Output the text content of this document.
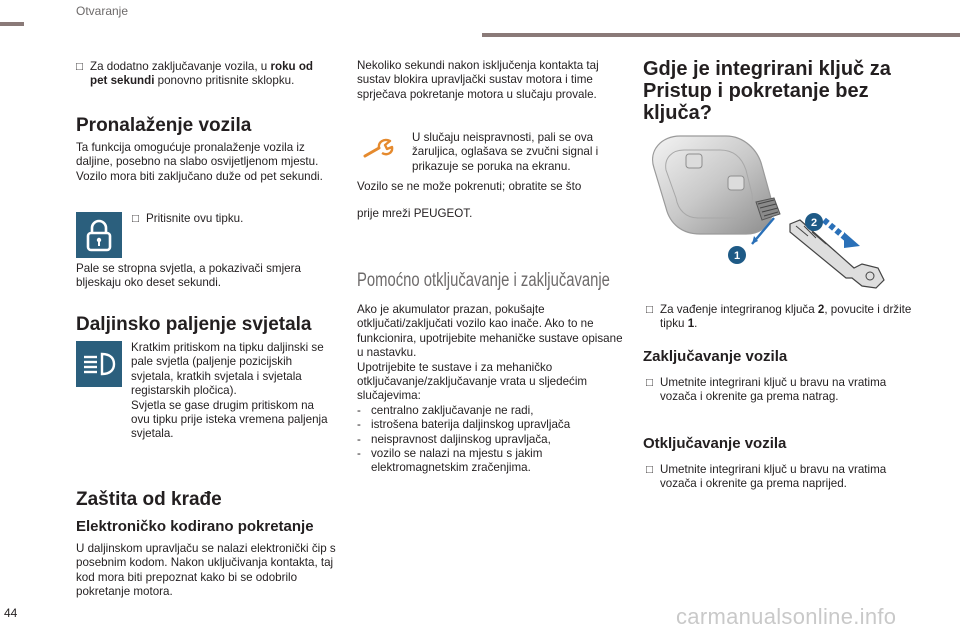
Otvaranje
□ Za dodatno zaključavanje vozila, u roku od pet sekundi ponovno pritisnite sklopku.
Pronalaženje vozila
Ta funkcija omogućuje pronalaženje vozila iz daljine, posebno na slabo osvijetljenom mjestu. Vozilo mora biti zaključano duže od pet sekundi.
□ Pritisnite ovu tipku.
Pale se stropna svjetla, a pokazivači smjera bljeskaju oko deset sekundi.
Daljinsko paljenje svjetala
Kratkim pritiskom na tipku daljinski se pale svjetla (paljenje pozicijskih svjetala, kratkih svjetala i svjetala registarskih pločica).
Svjetla se gase drugim pritiskom na ovu tipku prije isteka vremena paljenja svjetala.
Zaštita od krađe
Elektroničko kodirano pokretanje
U daljinskom upravljaču se nalazi elektronički čip s posebnim kodom. Nakon uključivanja kontakta, taj kod mora biti prepoznat kako bi se odobrilo pokretanje motora.
Nekoliko sekundi nakon isključenja kontakta taj sustav blokira upravljački sustav motora i time sprječava pokretanje motora u slučaju provale.
U slučaju neispravnosti, pali se ova žaruljica, oglašava se zvučni signal i prikazuje se poruka na ekranu.
Vozilo se ne može pokrenuti; obratite se što
prije mreži PEUGEOT.
Pomoćno otključavanje i zaključavanje
Ako je akumulator prazan, pokušajte otključati/zaključati vozilo kao inače. Ako to ne funkcionira, upotrijebite mehaničke sustave opisane u nastavku.
Upotrijebite te sustave i za mehaničko otključavanje/zaključavanje vrata u sljedećim slučajevima:
- centralno zaključavanje ne radi,
- istrošena baterija daljinskog upravljača
- neispravnost daljinskog upravljača,
- vozilo se nalazi na mjestu s jakim elektromagnetskim zračenjima.
Gdje je integrirani ključ za Pristup i pokretanje bez ključa?
2
1
□ Za vađenje integriranog ključa 2, povucite i držite tipku 1.
Zaključavanje vozila
□ Umetnite integrirani ključ u bravu na vratima vozača i okrenite ga prema natrag.
Otključavanje vozila
□ Umetnite integrirani ključ u bravu na vratima vozača i okrenite ga prema naprijed.
44	carmanualsonline.info
